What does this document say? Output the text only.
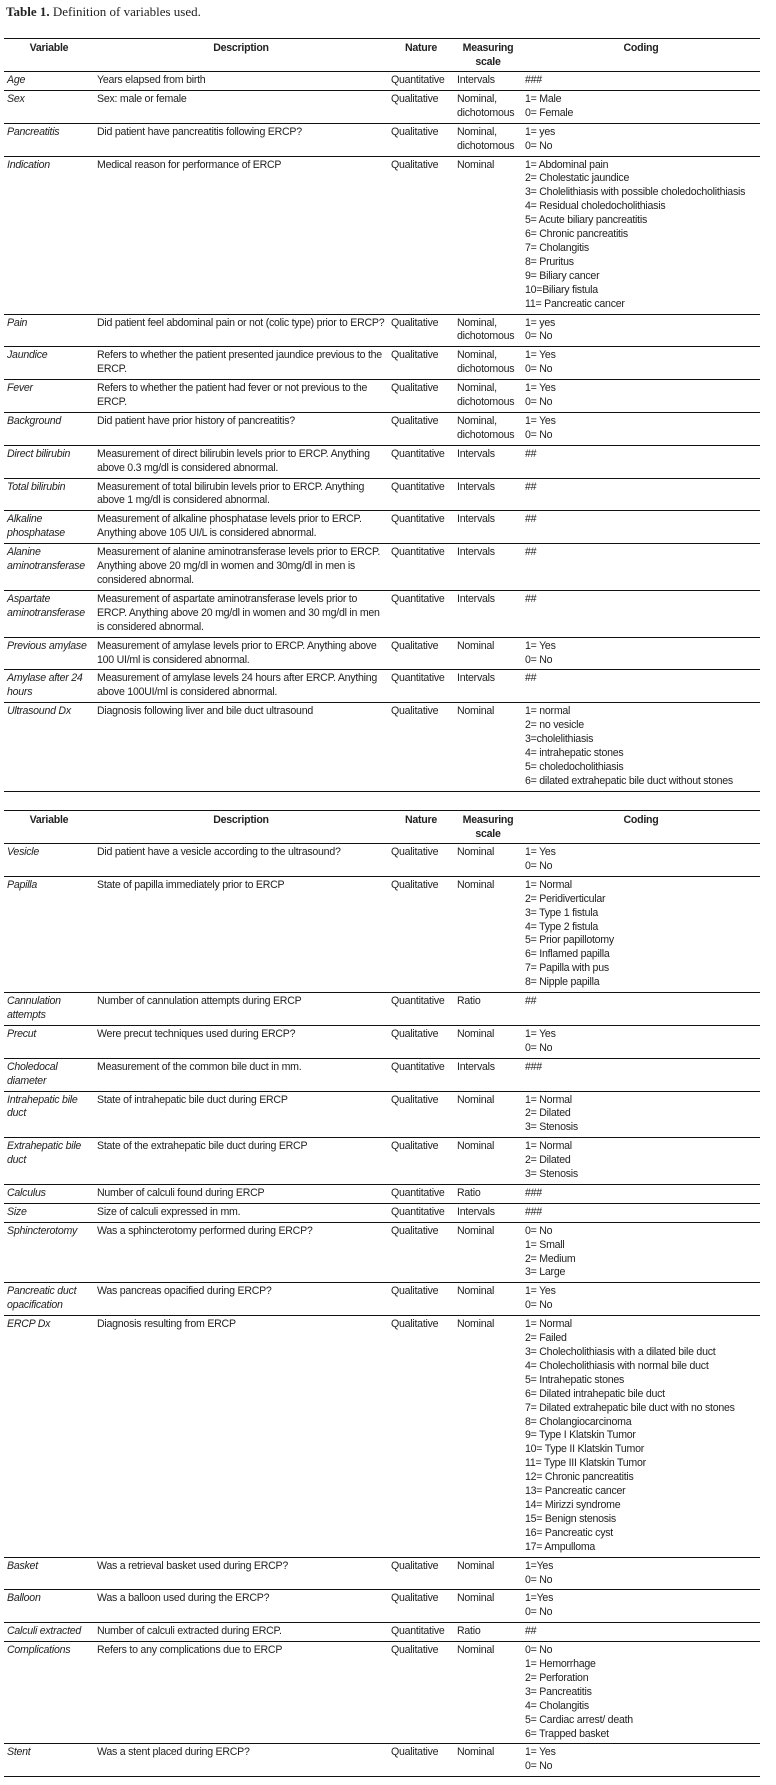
Table 1. Definition of variables used.
Variable	Description	Nature	Measuring scale	Coding
Age	Years elapsed from birth	Quantitative	Intervals	###

Sex	Sex: male or female	Qualitative	Nominal, dichotomous	1= Male
0= Female

Pancreatitis	Did patient have pancreatitis following ERCP?	Qualitative	Nominal, dichotomous	1= yes
0= No

Indication	Medical reason for performance of ERCP	Qualitative	Nominal	1= Abdominal pain
2= Cholestatic jaundice
3= Cholelithiasis with possible choledocholithiasis
4= Residual choledocholithiasis
5= Acute biliary pancreatitis
6= Chronic pancreatitis
7= Cholangitis
8= Pruritus
9= Biliary cancer
10=Biliary fistula
11= Pancreatic cancer

Pain	Did patient feel abdominal pain or not (colic type) prior to ERCP?	Qualitative	Nominal, dichotomous	1= yes
0= No

Jaundice	Refers to whether the patient presented jaundice previous to the ERCP.	Qualitative	Nominal, dichotomous	1= Yes
0= No

Fever	Refers to whether the patient had fever or not previous to the ERCP.	Qualitative	Nominal, dichotomous	1= Yes
0= No

Background	Did patient have prior history of pancreatitis?	Qualitative	Nominal, dichotomous	1= Yes
0= No

Direct bilirubin	Measurement of direct bilirubin levels prior to ERCP. Anything above 0.3 mg/dl is considered abnormal.	Quantitative	Intervals	##

Total bilirubin	Measurement of total bilirubin levels prior to ERCP. Anything above 1 mg/dl is considered abnormal.	Quantitative	Intervals	##

Alkaline phosphatase	Measurement of alkaline phosphatase levels prior to ERCP. Anything above 105 UI/L is considered abnormal.	Quantitative	Intervals	##

Alanine aminotransferase	Measurement of alanine aminotransferase levels prior to ERCP. Anything above 20 mg/dl in women and 30mg/dl in men is considered abnormal.	Quantitative	Intervals	##

Aspartate aminotransferase	Measurement of aspartate aminotransferase levels prior to ERCP. Anything above 20 mg/dl in women and 30 mg/dl in men is considered abnormal.	Quantitative	Intervals	##

Previous amylase	Measurement of amylase levels prior to ERCP. Anything above 100 UI/ml is considered abnormal.	Qualitative	Nominal	1= Yes
0= No

Amylase after 24 hours	Measurement of amylase levels 24 hours after ERCP. Anything above 100UI/ml is considered abnormal.	Quantitative	Intervals	##

Ultrasound Dx	Diagnosis following liver and bile duct ultrasound	Qualitative	Nominal	1= normal
2= no vesicle
3=cholelithiasis
4= intrahepatic stones
5= choledocholithiasis
6= dilated extrahepatic bile duct without stones
Variable	Description	Nature	Measuring scale	Coding
Vesicle	Did patient have a vesicle according to the ultrasound?	Qualitative	Nominal	1= Yes
0= No

Papilla	State of papilla immediately prior to ERCP	Qualitative	Nominal	1= Normal
2= Peridiverticular
3= Type 1 fistula
4= Type 2 fistula
5= Prior papillotomy
6= Inflamed papilla
7= Papilla with pus
8= Nipple papilla

Cannulation attempts	Number of cannulation attempts during ERCP	Quantitative	Ratio	##

Precut	Were precut techniques used during ERCP?	Qualitative	Nominal	1= Yes
0= No

Choledocal diameter	Measurement of the common bile duct in mm.	Quantitative	Intervals	###

Intrahepatic bile duct	State of intrahepatic bile duct during ERCP	Qualitative	Nominal	1= Normal
2= Dilated
3= Stenosis

Extrahepatic bile duct	State of the extrahepatic bile duct during ERCP	Qualitative	Nominal	1= Normal
2= Dilated
3= Stenosis

Calculus	Number of calculi found during ERCP	Quantitative	Ratio	###

Size	Size of calculi expressed in mm.	Quantitative	Intervals	###

Sphincterotomy	Was a sphincterotomy performed during ERCP?	Qualitative	Nominal	0= No
1= Small
2= Medium
3= Large

Pancreatic duct opacification	Was pancreas opacified during ERCP?	Qualitative	Nominal	1= Yes
0= No

ERCP Dx	Diagnosis resulting from ERCP	Qualitative	Nominal	1= Normal
2= Failed
3= Cholecholithiasis with a dilated bile duct
4= Cholecholithiasis with normal bile duct
5= Intrahepatic stones
6= Dilated intrahepatic bile duct
7= Dilated extrahepatic bile duct with no stones
8= Cholangiocarcinoma
9= Type I Klatskin Tumor
10= Type II Klatskin Tumor
11= Type III Klatskin Tumor
12= Chronic pancreatitis
13= Pancreatic cancer
14= Mirizzi syndrome
15= Benign stenosis
16= Pancreatic cyst
17= Ampulloma

Basket	Was a retrieval basket used during ERCP?	Qualitative	Nominal	1=Yes
0= No

Balloon	Was a balloon used during the ERCP?	Qualitative	Nominal	1=Yes
0= No

Calculi extracted	Number of calculi extracted during ERCP.	Quantitative	Ratio	##

Complications	Refers to any complications due to ERCP	Qualitative	Nominal	0= No
1= Hemorrhage
2= Perforation
3= Pancreatitis
4= Cholangitis
5= Cardiac arrest/ death
6= Trapped basket

Stent	Was a stent placed during ERCP?	Qualitative	Nominal	1= Yes
0= No
